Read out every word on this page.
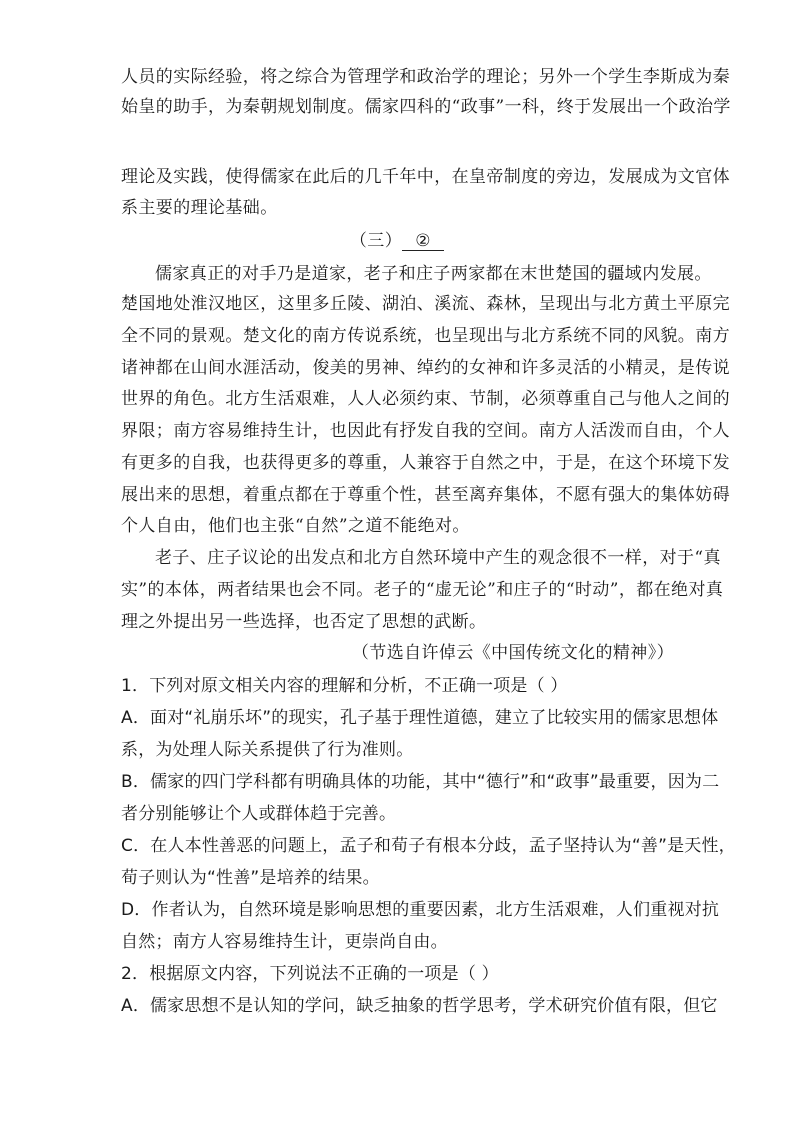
人员的实际经验，将之综合为管理学和政治学的理论；另外一个学生李斯成为秦
始皇的助手，为秦朝规划制度。儒家四科的“政事”一科，终于发展出一个政治学
理论及实践，使得儒家在此后的几千年中，在皇帝制度的旁边，发展成为文官体
系主要的理论基础。
（三） ②
儒家真正的对手乃是道家，老子和庄子两家都在末世楚国的疆域内发展。
楚国地处淮汉地区，这里多丘陵、湖泊、溪流、森林，呈现出与北方黄土平原完
全不同的景观。楚文化的南方传说系统，也呈现出与北方系统不同的风貌。南方
诸神都在山间水涯活动，俊美的男神、绰约的女神和许多灵活的小精灵，是传说
世界的角色。北方生活艰难，人人必须约束、节制，必须尊重自己与他人之间的
界限；南方容易维持生计，也因此有抒发自我的空间。南方人活泼而自由，个人
有更多的自我，也获得更多的尊重，人兼容于自然之中，于是，在这个环境下发
展出来的思想，着重点都在于尊重个性，甚至离弃集体，不愿有强大的集体妨碍
个人自由，他们也主张“自然”之道不能绝对。
老子、庄子议论的出发点和北方自然环境中产生的观念很不一样，对于“真
实”的本体，两者结果也会不同。老子的“虚无论”和庄子的“时动”，都在绝对真
理之外提出另一些选择，也否定了思想的武断。
（节选自许倬云《中国传统文化的精神》）
1．下列对原文相关内容的理解和分析，不正确一项是（ ）
A．面对“礼崩乐坏”的现实，孔子基于理性道德，建立了比较实用的儒家思想体
系，为处理人际关系提供了行为准则。
B．儒家的四门学科都有明确具体的功能，其中“德行”和“政事”最重要，因为二
者分别能够让个人或群体趋于完善。
C．在人本性善恶的问题上，孟子和荀子有根本分歧，孟子坚持认为“善”是天性，
荀子则认为“性善”是培养的结果。
D．作者认为，自然环境是影响思想的重要因素，北方生活艰难，人们重视对抗
自然；南方人容易维持生计，更崇尚自由。
2．根据原文内容，下列说法不正确的一项是（ ）
A．儒家思想不是认知的学问，缺乏抽象的哲学思考，学术研究价值有限，但它
